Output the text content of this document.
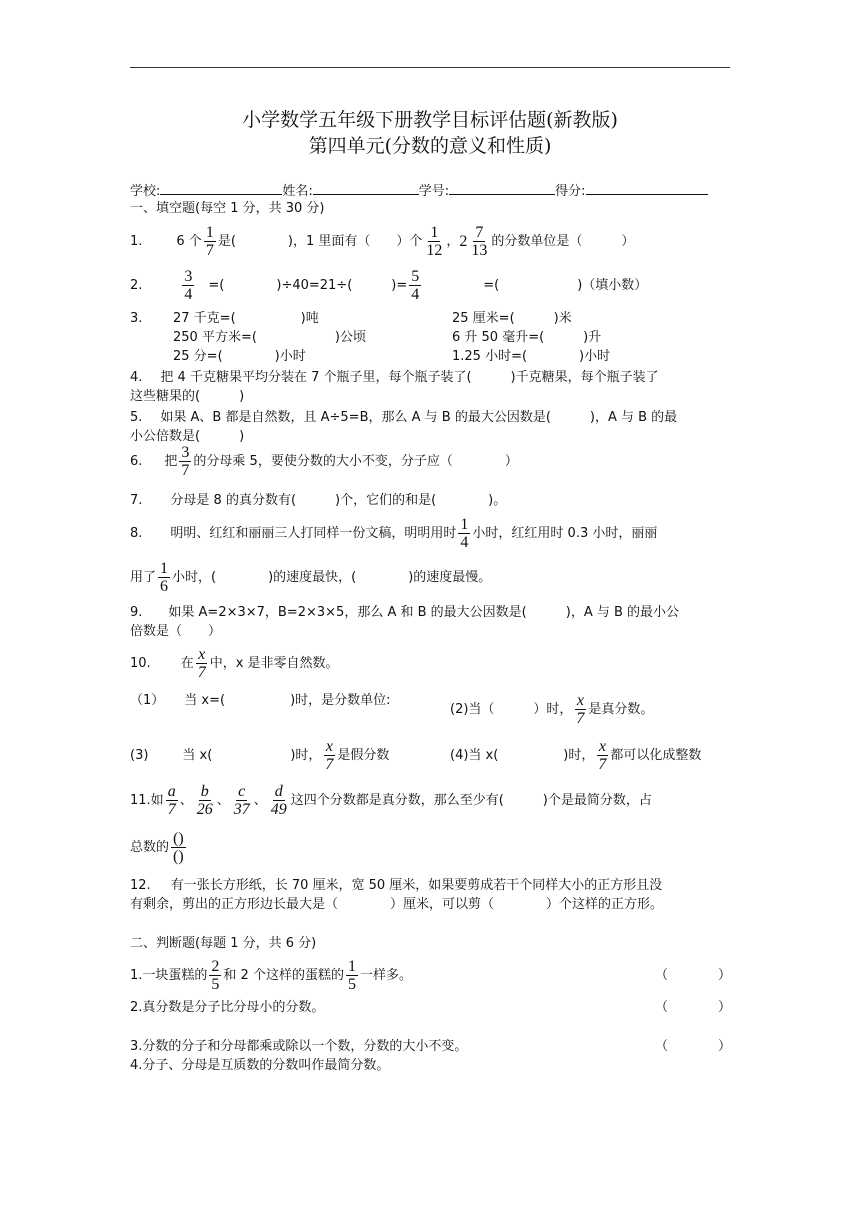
小学数学五年级下册教学目标评估题(新教版)
第四单元(分数的意义和性质)
学校:	姓名:	学号:	得分:
一、填空题(每空 1 分，共 30 分)
1.	6 个 $\frac{1}{7}$ 是(　　　　)，1 里面有（　　）个 $\frac{1}{12}$ ， $2 \frac{7}{13}$ 的分数单位是（　　　）
2.	$\frac{3}{4}$ =(　　　　)÷40=21÷(　　　)= $\frac{5}{4}$	=(　　　　　　)（填小数）
3. 27 千克=(　　　　　)吨	25 厘米=(　　　)米
250 平方米=(　　　　　　)公顷	6 升 50 毫升=(　　　)升
25 分=(　　　　)小时	1.25 小时=(　　　　)小时
4. 把 4 千克糖果平均分装在 7 个瓶子里，每个瓶子装了(　　　)千克糖果，每个瓶子装了
这些糖果的(　　　)
5. 如果 A、B 都是自然数，且 A÷5=B，那么 A 与 B 的最大公因数是(　　　)，A 与 B 的最
小公倍数是(　　　)
6. 把 $\frac{3}{7}$ 的分母乘 5，要使分数的大小不变，分子应（　　　　）
7. 分母是 8 的真分数有(　　　)个，它们的和是(　　　　)。
8. 明明、红红和丽丽三人打同样一份文稿，明明用时 $\frac{1}{4}$ 小时，红红用时 0.3 小时，丽丽
用了 $\frac{1}{6}$ 小时，(　　　　)的速度最快，(　　　　)的速度最慢。
9. 如果 A=2×3×7，B=2×3×5，那么 A 和 B 的最大公因数是(　　　)，A 与 B 的最小公
倍数是（　　）
10. 在 $\frac{x}{7}$ 中，x 是非零自然数。
（1） 当 x=(　　　　　)时，是分数单位:
(2)当（　　　）时， $\frac{x}{7}$ 是真分数。
(3)	当 x(　　　　　　)时， $\frac{x}{7}$ 是假分数	(4)当 x(　　　　　)时， $\frac{x}{7}$ 都可以化成整数
11.如 $\frac{a}{7}$ 、 $\frac{b}{26}$ 、 $\frac{c}{37}$ 、 $\frac{d}{49}$ 这四个分数都是真分数，那么至少有(　　　)个是最简分数，占
总数的 $\frac{()}{()}$
12. 有一张长方形纸，长 70 厘米，宽 50 厘米，如果要剪成若干个同样大小的正方形且没
有剩余，剪出的正方形边长最大是（　　　　）厘米，可以剪（　　　　）个这样的正方形。
二、判断题(每题 1 分，共 6 分)
1.一块蛋糕的 $\frac{2}{5}$ 和 2 个这样的蛋糕的 $\frac{1}{5}$ 一样多。	（	）
2.真分数是分子比分母小的分数。	（	）
3.分数的分子和分母都乘或除以一个数，分数的大小不变。	（	）
4.分子、分母是互质数的分数叫作最简分数。
